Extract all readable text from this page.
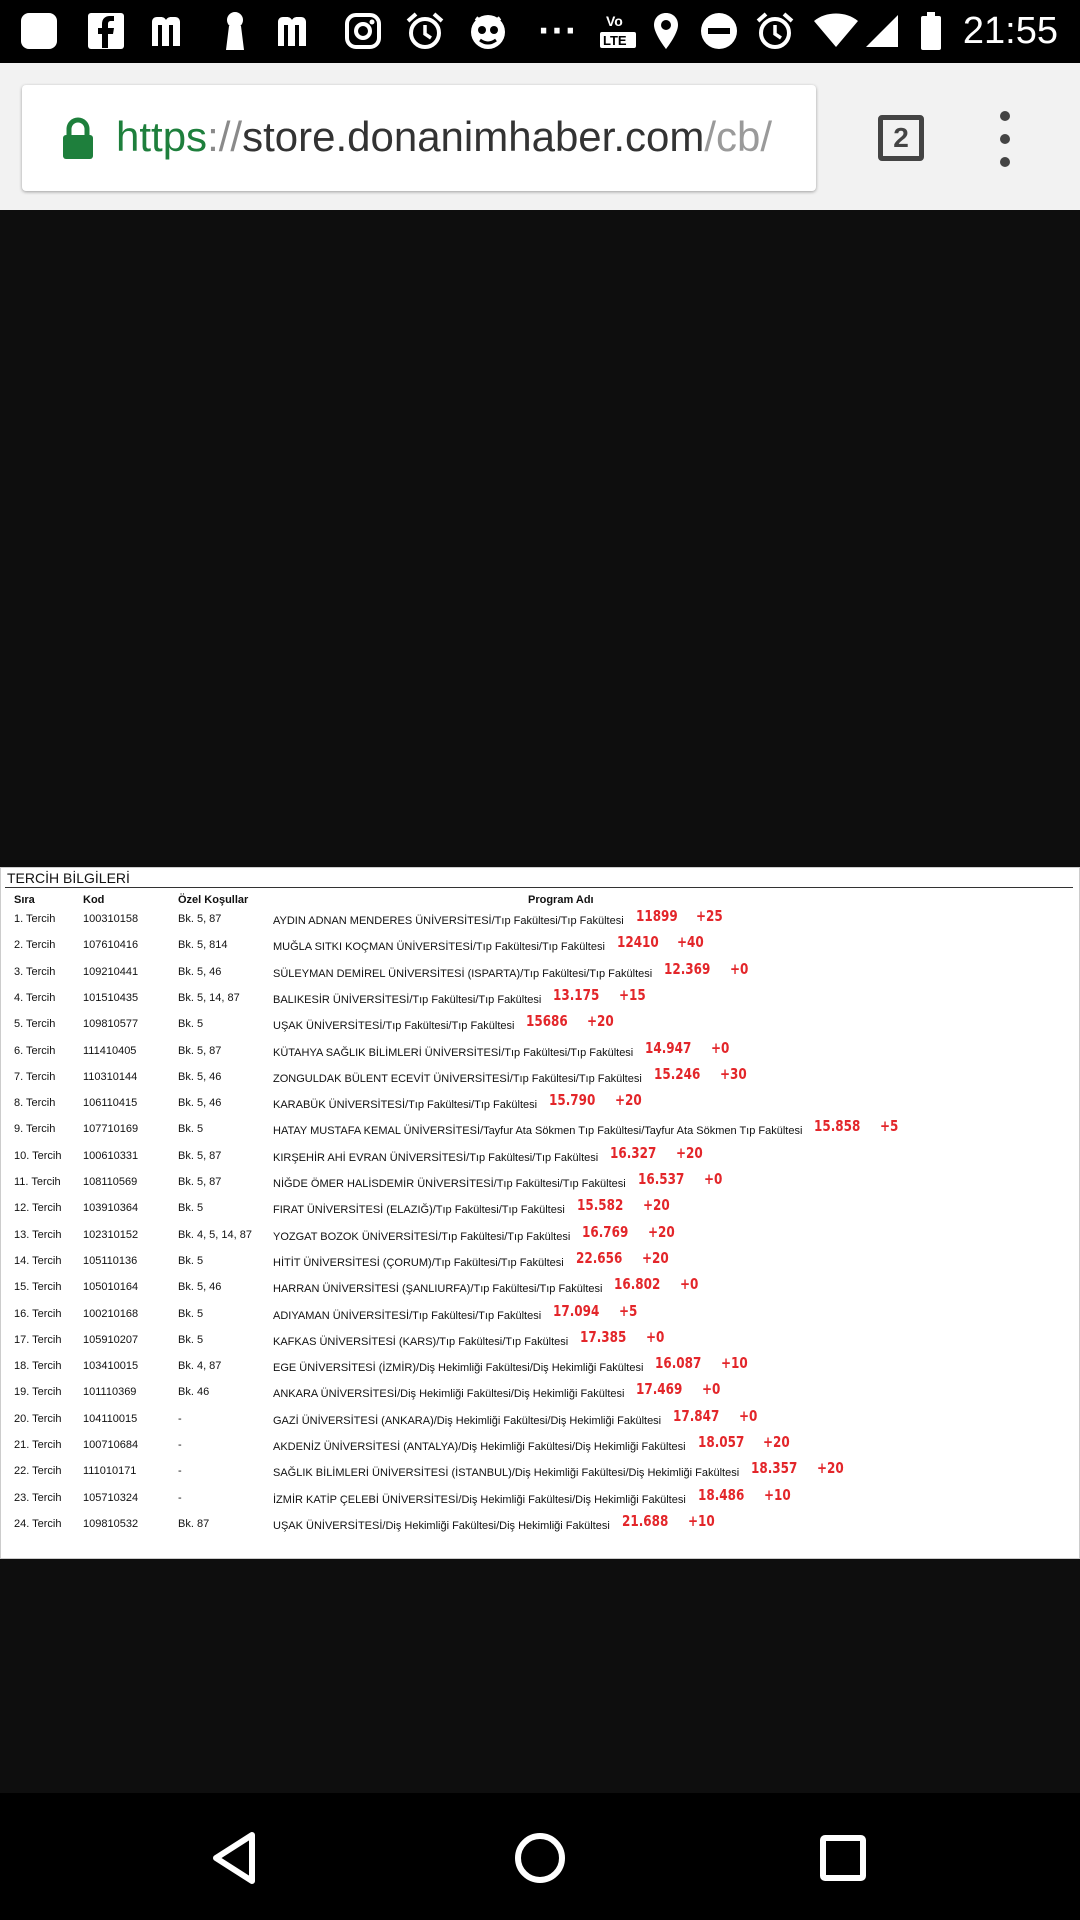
··· Vo
LTE	21:55
https://store.donanimhaber.com/cb/	2
TERCİH BİLGİLERİ
Sıra	Kod	Özel Koşullar	Program Adı
1. Tercih	100310158	Bk. 5, 87	AYDIN ADNAN MENDERES ÜNİVERSİTESİ/Tıp Fakültesi/Tıp Fakültesi 11899 +25
2. Tercih	107610416	Bk. 5, 814	MUĞLA SITKI KOÇMAN ÜNİVERSİTESİ/Tıp Fakültesi/Tıp Fakültesi 12410 +40
3. Tercih	109210441	Bk. 5, 46	SÜLEYMAN DEMİREL ÜNİVERSİTESİ (ISPARTA)/Tıp Fakültesi/Tıp Fakültesi 12.369 +0
4. Tercih	101510435	Bk. 5, 14, 87	BALIKESİR ÜNİVERSİTESİ/Tıp Fakültesi/Tıp Fakültesi 13.175 +15
5. Tercih	109810577	Bk. 5	UŞAK ÜNİVERSİTESİ/Tıp Fakültesi/Tıp Fakültesi 15686 +20
6. Tercih	111410405	Bk. 5, 87	KÜTAHYA SAĞLIK BİLİMLERİ ÜNİVERSİTESİ/Tıp Fakültesi/Tıp Fakültesi 14.947 +0
7. Tercih	110310144	Bk. 5, 46	ZONGULDAK BÜLENT ECEVİT ÜNİVERSİTESİ/Tıp Fakültesi/Tıp Fakültesi 15.246 +30
8. Tercih	106110415	Bk. 5, 46	KARABÜK ÜNİVERSİTESİ/Tıp Fakültesi/Tıp Fakültesi 15.790 +20
9. Tercih	107710169	Bk. 5	HATAY MUSTAFA KEMAL ÜNİVERSİTESİ/Tayfur Ata Sökmen Tıp Fakültesi/Tayfur Ata Sökmen Tıp Fakültesi 15.858 +5
10. Tercih 100610331	Bk. 5, 87	KIRŞEHİR AHİ EVRAN ÜNİVERSİTESİ/Tıp Fakültesi/Tıp Fakültesi 16.327 +20
11. Tercih 108110569	Bk. 5, 87	NİĞDE ÖMER HALİSDEMİR ÜNİVERSİTESİ/Tıp Fakültesi/Tıp Fakültesi 16.537 +0
12. Tercih 103910364	Bk. 5	FIRAT ÜNİVERSİTESİ (ELAZIĞ)/Tıp Fakültesi/Tıp Fakültesi 15.582 +20
13. Tercih 102310152	Bk. 4, 5, 14, 87 YOZGAT BOZOK ÜNİVERSİTESİ/Tıp Fakültesi/Tıp Fakültesi 16.769 +20
14. Tercih 105110136	Bk. 5	HİTİT ÜNİVERSİTESİ (ÇORUM)/Tıp Fakültesi/Tıp Fakültesi 22.656 +20
15. Tercih 105010164	Bk. 5, 46	HARRAN ÜNİVERSİTESİ (ŞANLIURFA)/Tıp Fakültesi/Tıp Fakültesi 16.802 +0
16. Tercih 100210168	Bk. 5	ADIYAMAN ÜNİVERSİTESİ/Tıp Fakültesi/Tıp Fakültesi 17.094 +5
17. Tercih 105910207	Bk. 5	KAFKAS ÜNİVERSİTESİ (KARS)/Tıp Fakültesi/Tıp Fakültesi 17.385 +0
18. Tercih 103410015	Bk. 4, 87	EGE ÜNİVERSİTESİ (İZMİR)/Diş Hekimliği Fakültesi/Diş Hekimliği Fakültesi 16.087 +10
19. Tercih 101110369	Bk. 46	ANKARA ÜNİVERSİTESİ/Diş Hekimliği Fakültesi/Diş Hekimliği Fakültesi 17.469 +0
20. Tercih 104110015	-	GAZİ ÜNİVERSİTESİ (ANKARA)/Diş Hekimliği Fakültesi/Diş Hekimliği Fakültesi 17.847 +0
21. Tercih 100710684	-	AKDENİZ ÜNİVERSİTESİ (ANTALYA)/Diş Hekimliği Fakültesi/Diş Hekimliği Fakültesi 18.057 +20
22. Tercih 111010171	-	SAĞLIK BİLİMLERİ ÜNİVERSİTESİ (İSTANBUL)/Diş Hekimliği Fakültesi/Diş Hekimliği Fakültesi 18.357 +20
23. Tercih 105710324	-	İZMİR KATİP ÇELEBİ ÜNİVERSİTESİ/Diş Hekimliği Fakültesi/Diş Hekimliği Fakültesi 18.486 +10
24. Tercih 109810532	Bk. 87	UŞAK ÜNİVERSİTESİ/Diş Hekimliği Fakültesi/Diş Hekimliği Fakültesi 21.688 +10
